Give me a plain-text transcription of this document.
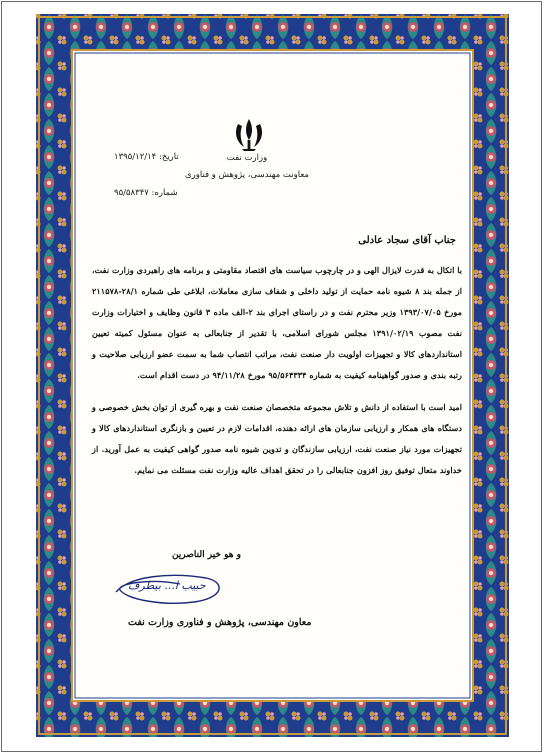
وزارت نفت
معاونت مهندسی، پژوهش و فناوری
تاریخ: ۱۳۹۵/۱۲/۱۴
شماره: ۹۵/۵۸۳۴۷
جناب آقای سجاد عادلی

با اتکال به قدرت لایزال الهی و در چارچوب سیاست های اقتصاد مقاومتی و برنامه های راهبردی وزارت نفت، از جمله بند ۸ شیوه نامه حمایت از تولید داخلی و شفاف سازی معاملات، ابلاغی طی شماره ۲۸/۱-۲۱۱۵۷۸ مورخ ۱۳۹۳/۰۷/۰۵ وزیر محترم نفت و در راستای اجرای بند ۲-الف ماده ۳ قانون وظایف و اختیارات وزارت نفت مصوب ۱۳۹۱/۰۲/۱۹ مجلس شورای اسلامی، با تقدیر از جنابعالی به عنوان مسئول کمیته تعیین استانداردهای کالا و تجهیزات اولویت دار صنعت نفت، مراتب انتصاب شما به سمت عضو ارزیابی صلاحیت و رتبه بندی و صدور گواهینامه کیفیت به شماره ۹۵/۵۶۴۳۳۴ مورخ ۹۴/۱۱/۲۸ در دست اقدام است.

امید است با استفاده از دانش و تلاش مجموعه متخصصان صنعت نفت و بهره گیری از توان بخش خصوصی و دستگاه های همکار و ارزیابی سازمان های ارائه دهنده، اقدامات لازم در تعیین و بازنگری استانداردهای کالا و تجهیزات مورد نیاز صنعت نفت، ارزیابی سازندگان و تدوین شیوه نامه صدور گواهی کیفیت به عمل آورید. از خداوند متعال توفیق روز افزون جنابعالی را در تحقق اهداف عالیه وزارت نفت مسئلت می نمایم.

و هو خیر الناصرین
حبیب ا... بیطرف
معاون مهندسی، پژوهش و فناوری وزارت نفت
